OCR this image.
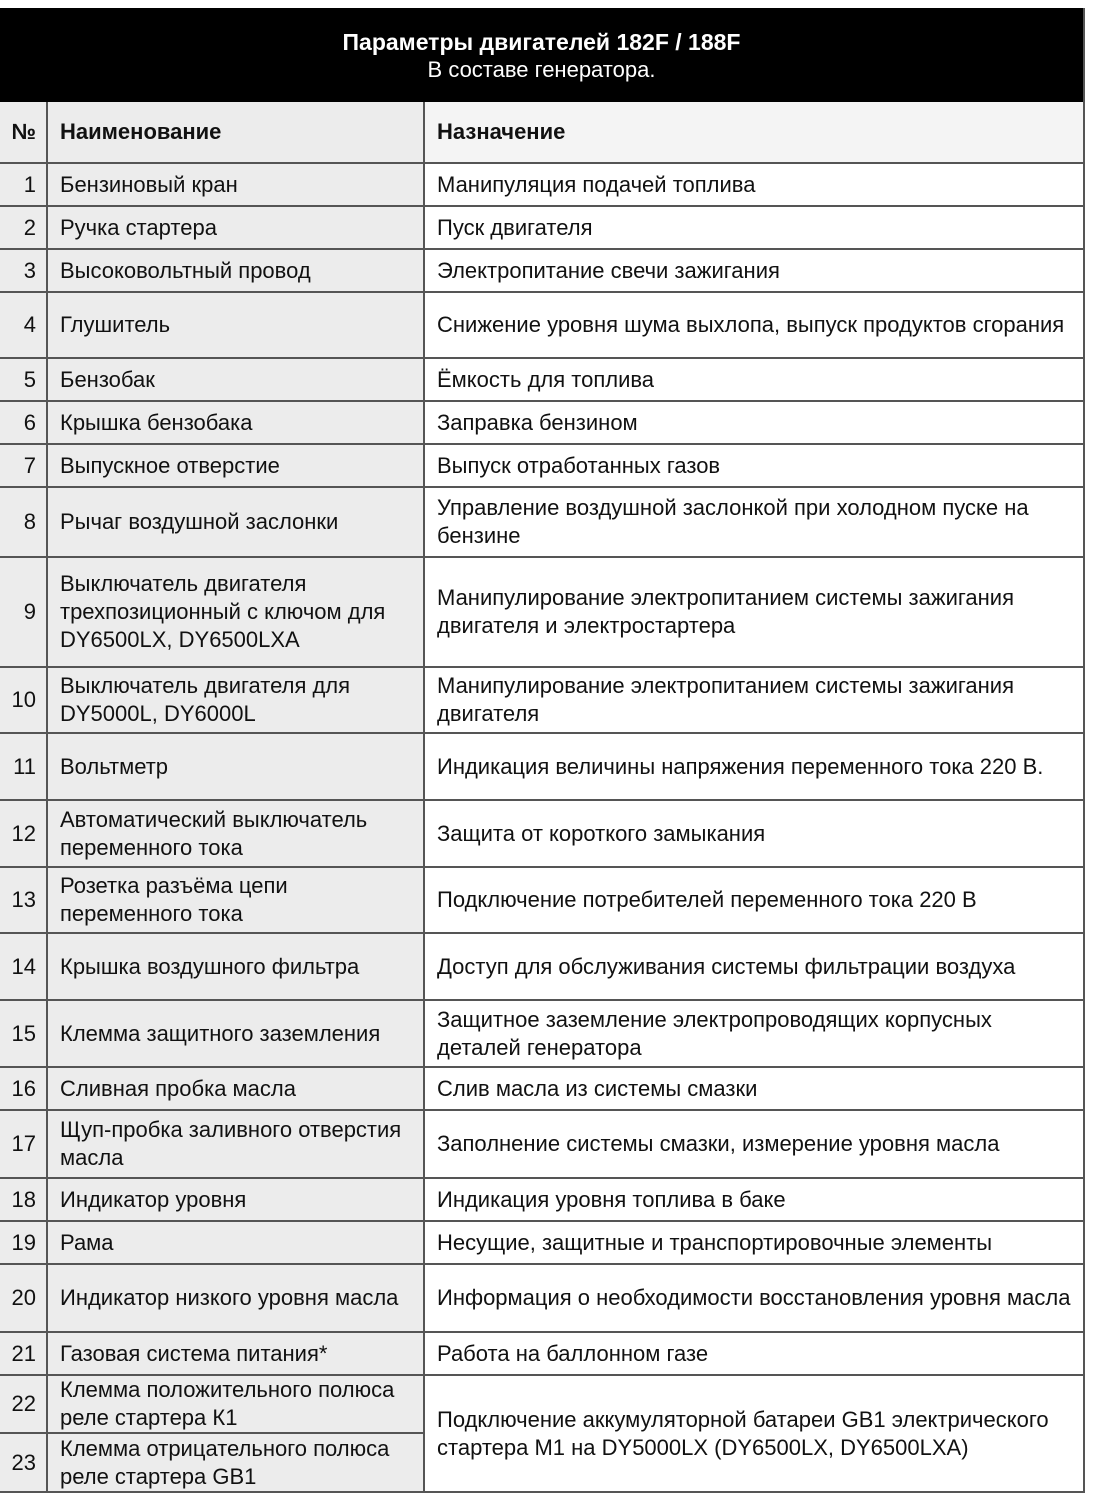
Параметры двигателей 182F / 188F
В составе генератора.
№	Наименование	Назначение
1	Бензиновый кран	Манипуляция подачей топлива
2	Ручка стартера	Пуск двигателя
3	Высоковольтный провод	Электропитание свечи зажигания
4	Глушитель	Снижение уровня шума выхлопа, выпуск продуктов сгорания
5	Бензобак	Ёмкость для топлива
6	Крышка бензобака	Заправка бензином
7	Выпускное отверстие	Выпуск отработанных газов
8	Рычаг воздушной заслонки	Управление воздушной заслонкой при холодном пуске на бензине
9	Выключатель двигателя трехпозиционный с ключом для DY6500LX, DY6500LXA	Манипулирование электропитанием системы зажигания двигателя и электростартера
10	Выключатель двигателя для DY5000L, DY6000L	Манипулирование электропитанием системы зажигания двигателя
11	Вольтметр	Индикация величины напряжения переменного тока 220 В.
12	Автоматический выключатель переменного тока	Защита от короткого замыкания
13	Розетка разъёма цепи переменного тока	Подключение потребителей переменного тока 220 В
14	Крышка воздушного фильтра	Доступ для обслуживания системы фильтрации воздуха
15	Клемма защитного заземления	Защитное заземление электропроводящих корпусных деталей генератора
16	Сливная пробка масла	Слив масла из системы смазки
17	Щуп-пробка заливного отверстия масла	Заполнение системы смазки, измерение уровня масла
18	Индикатор уровня	Индикация уровня топлива в баке
19	Рама	Несущие, защитные и транспортировочные элементы
20	Индикатор низкого уровня масла	Информация о необходимости восстановления уровня масла
21	Газовая система питания*	Работа на баллонном газе
22	Клемма положительного полюса реле стартера К1	Подключение аккумуляторной батареи GB1 электрического стартера М1 на DY5000LX (DY6500LX, DY6500LXA)
23	Клемма отрицательного полюса реле стартера GB1	
